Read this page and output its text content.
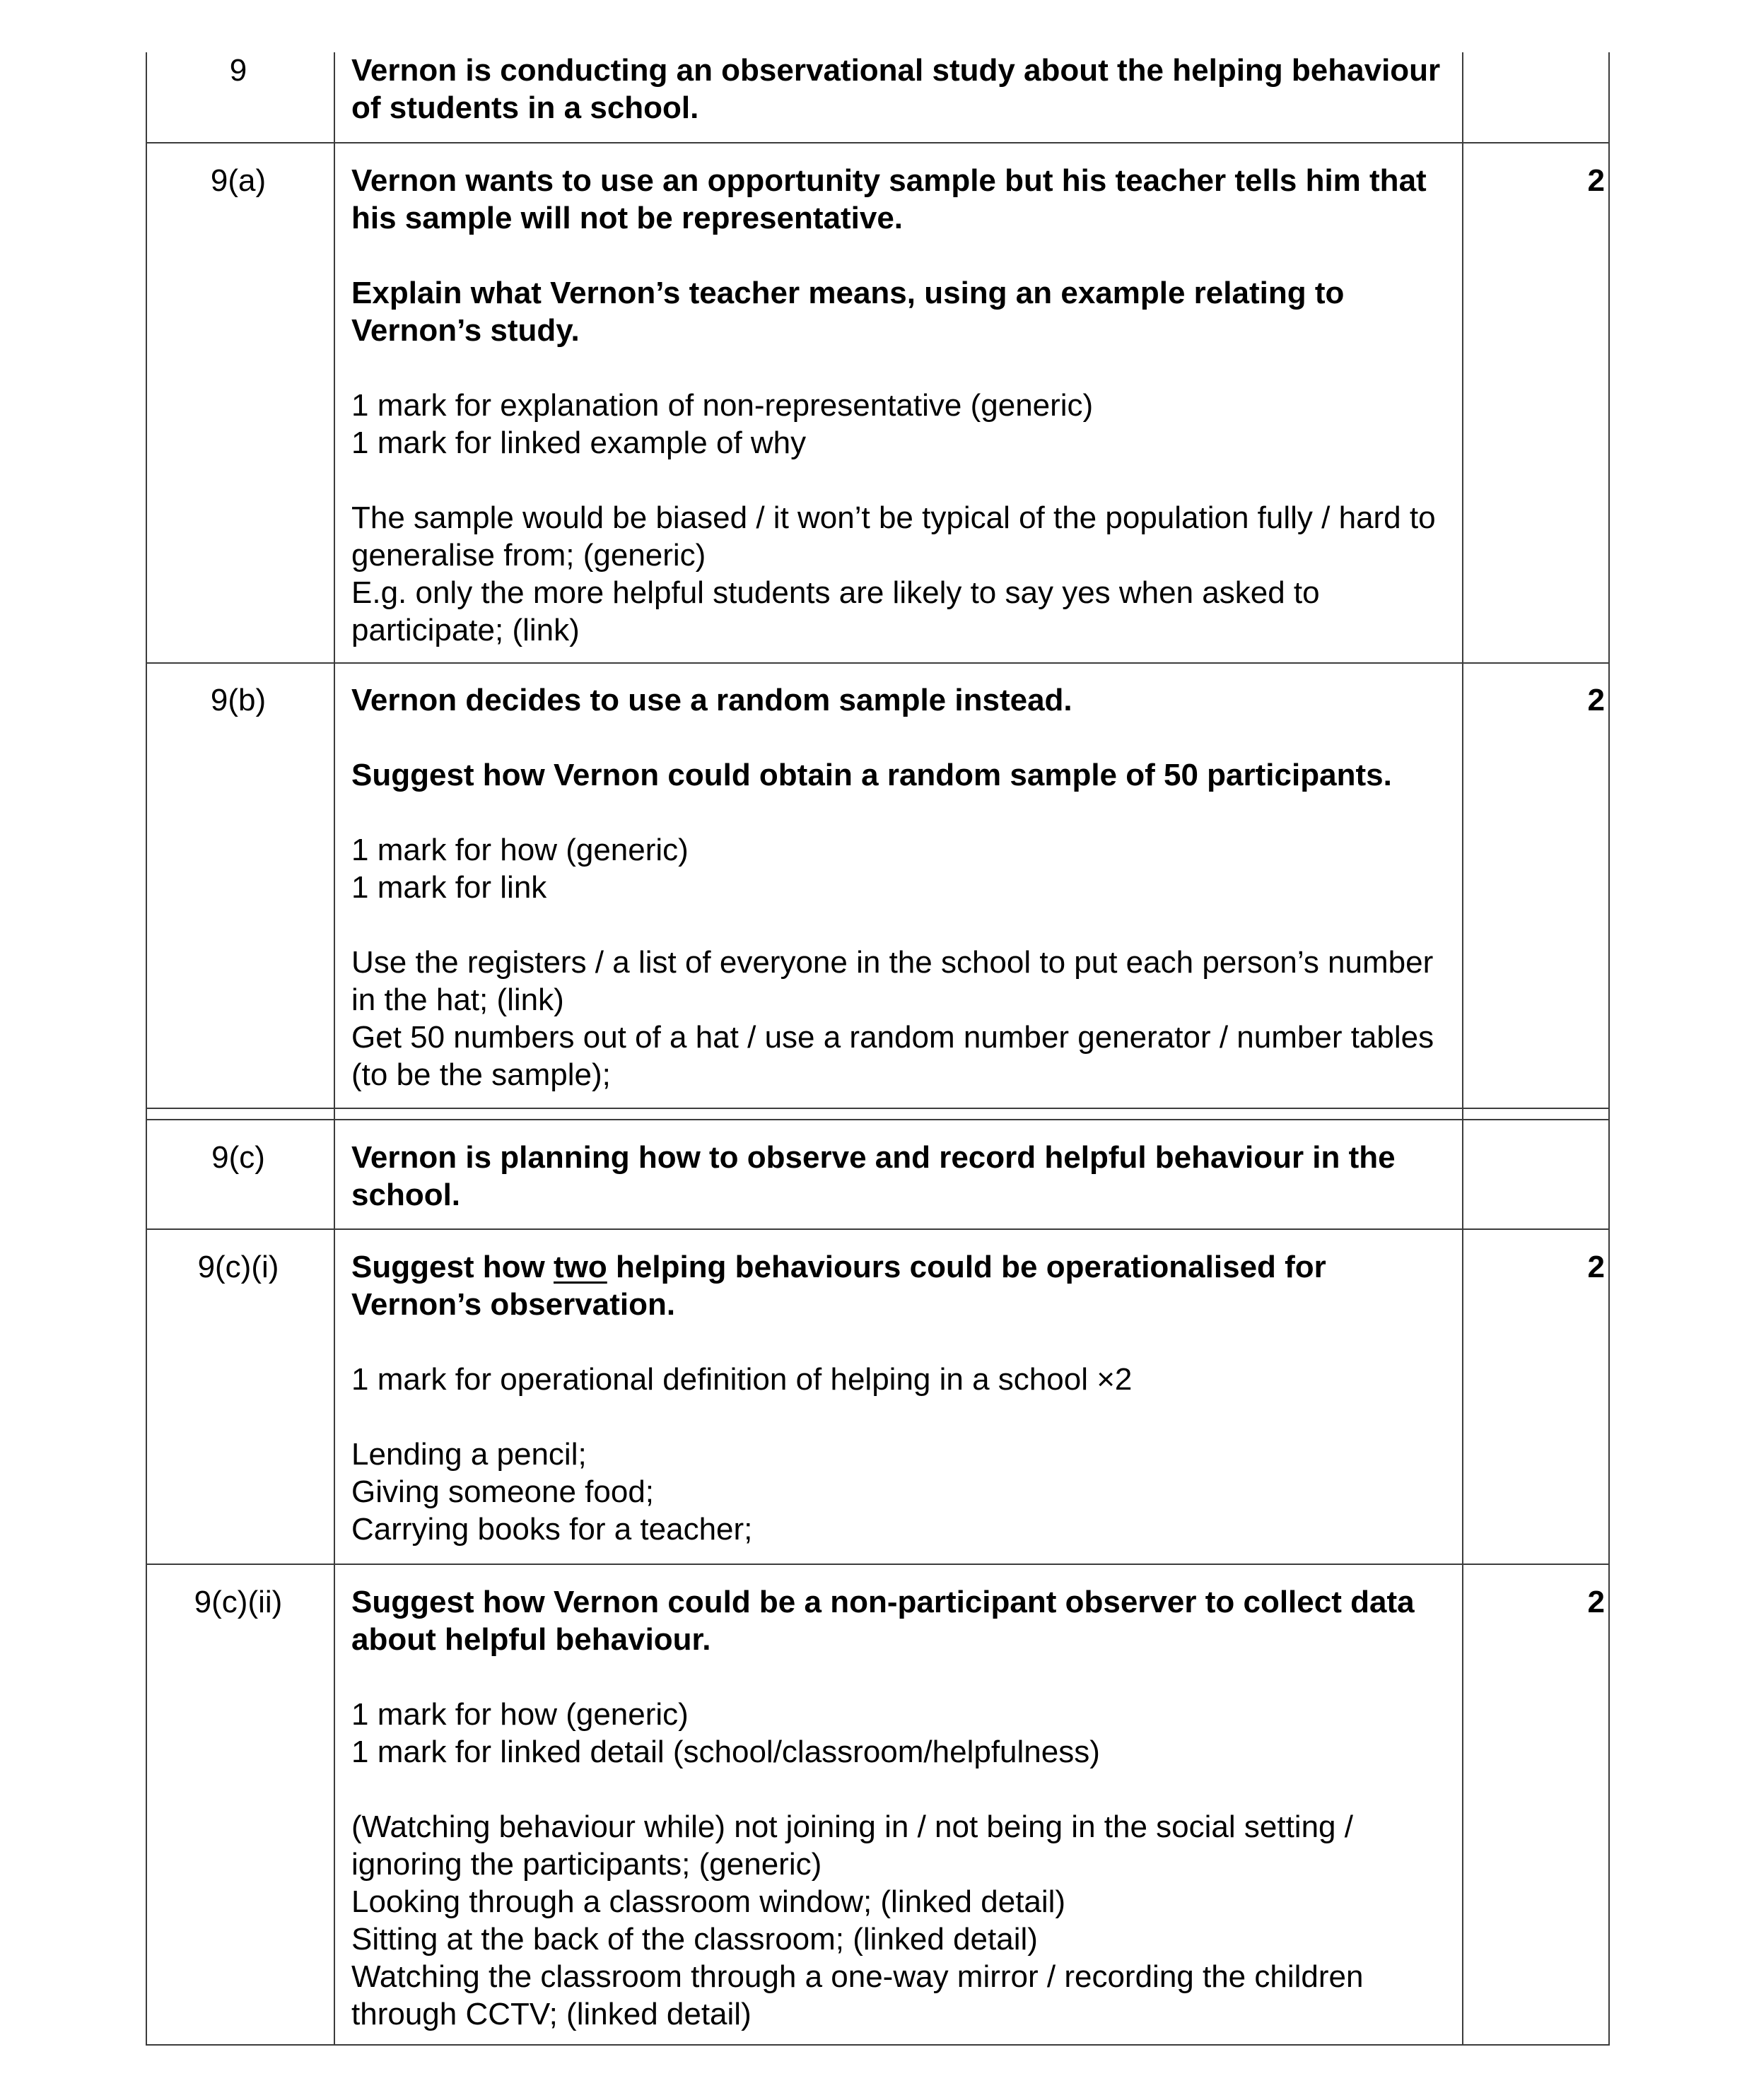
9	Vernon is conducting an observational study about the helping behaviour of students in a school.

9(a)	Vernon wants to use an opportunity sample but his teacher tells him that his sample will not be representative.

Explain what Vernon’s teacher means, using an example relating to Vernon’s study.

1 mark for explanation of non-representative (generic)

1 mark for linked example of why

The sample would be biased / it won’t be typical of the population fully / hard to generalise from; (generic)

E.g. only the more helpful students are likely to say yes when asked to participate; (link)

2
9(b)	Vernon decides to use a random sample instead.

Suggest how Vernon could obtain a random sample of 50 participants.

1 mark for how (generic)

1 mark for link

Use the registers / a list of everyone in the school to put each person’s number in the hat; (link)

Get 50 numbers out of a hat / use a random number generator / number tables (to be the sample);

2
9(c)	Vernon is planning how to observe and record helpful behaviour in the school.

9(c)(i)	Suggest how two helping behaviours could be operationalised for Vernon’s observation.

1 mark for operational definition of helping in a school ×2

Lending a pencil;

Giving someone food;

Carrying books for a teacher;

2
9(c)(ii)	Suggest how Vernon could be a non-participant observer to collect data about helpful behaviour.

1 mark for how (generic)

1 mark for linked detail (school/classroom/helpfulness)

(Watching behaviour while) not joining in / not being in the social setting / ignoring the participants; (generic)

Looking through a classroom window; (linked detail)

Sitting at the back of the classroom; (linked detail)

Watching the classroom through a one-way mirror / recording the children through CCTV; (linked detail)

2
